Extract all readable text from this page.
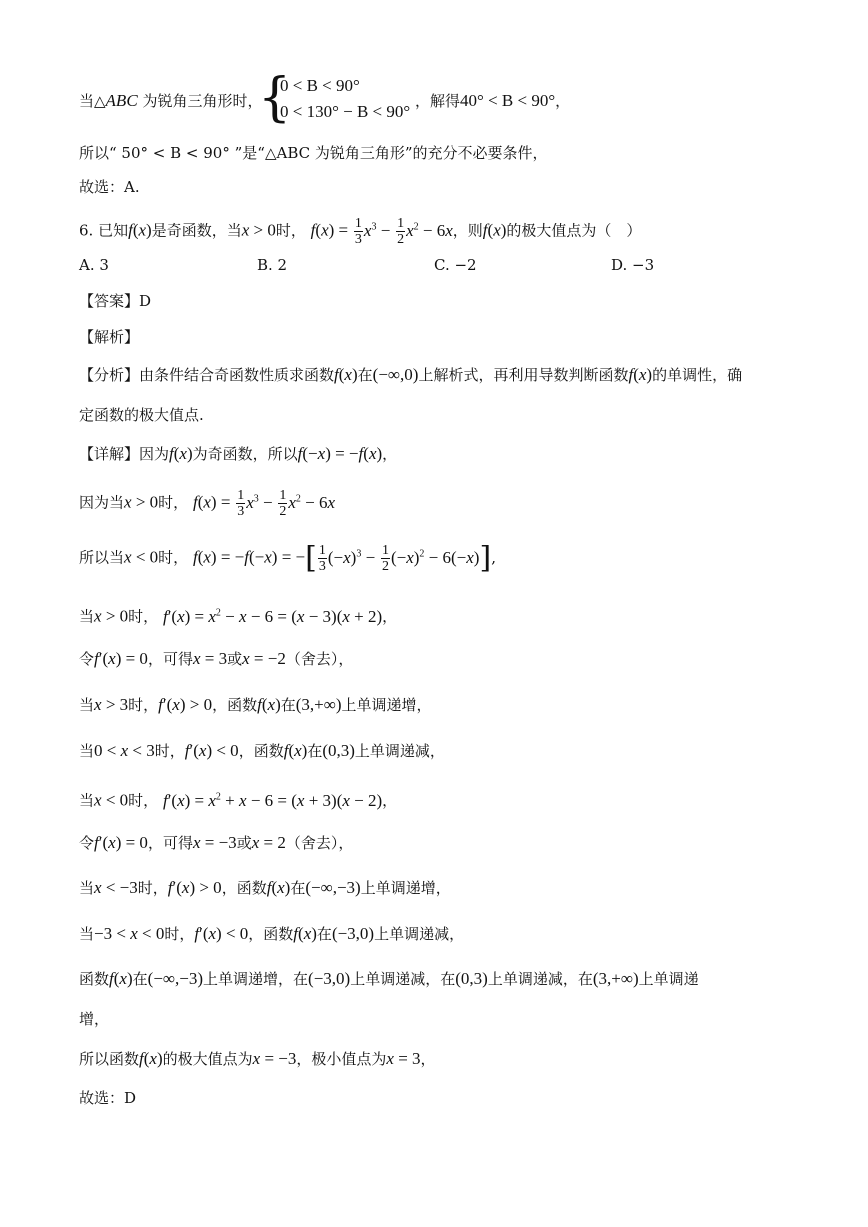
当△ABC 为锐角三角形时，
{
0 < B < 90°
0 < 130° − B < 90°
，解得40° < B < 90°，
所以“ 50° < B < 90° ”是“△ABC 为锐角三角形”的充分不必要条件，
故选：A.
6. 已知f(x)是奇函数，当x > 0时， $f(x) = \frac{1}{3} x^3 - \frac{1}{2} x^2 - 6x$，则f(x)的极大值点为（　）
A. 3	B. 2	C. −2	D. −3
【答案】D
【解析】
【分析】由条件结合奇函数性质求函数f(x)在(−∞,0)上解析式，再利用导数判断函数f(x)的单调性，确
定函数的极大值点.
【详解】因为f(x)为奇函数，所以f(−x) = −f(x)，
因为当x > 0时， $f(x) = \frac{1}{3} x^3 - \frac{1}{2} x^2 - 6x$
所以当x < 0时， f(x) = −f(−x) = −[ $\frac{1}{3} (-x)^3 - \frac{1}{2} (-x)^2 - 6(-x)$],
当x > 0时， $f'(x) = x^2 - x - 6 = (x - 3)(x + 2)$，
令f′(x) = 0，可得x = 3或x = −2（舍去），
当x > 3时，f′(x) > 0，函数f(x)在(3,+∞)上单调递增，
当0 < x < 3时，f′(x) < 0，函数f(x)在(0,3)上单调递减，
当x < 0时， $f'(x) = x^2 + x - 6 = (x + 3)(x - 2)$，
令f′(x) = 0，可得x = −3或x = 2（舍去），
当x < −3时，f′(x) > 0，函数f(x)在(−∞,−3)上单调递增，
当−3 < x < 0时，f′(x) < 0，函数f(x)在(−3,0)上单调递减，
函数f(x)在(−∞,−3)上单调递增，在(−3,0)上单调递减，在(0,3)上单调递减，在(3,+∞)上单调递
增，
所以函数f(x)的极大值点为x = −3，极小值点为x = 3，
故选：D
